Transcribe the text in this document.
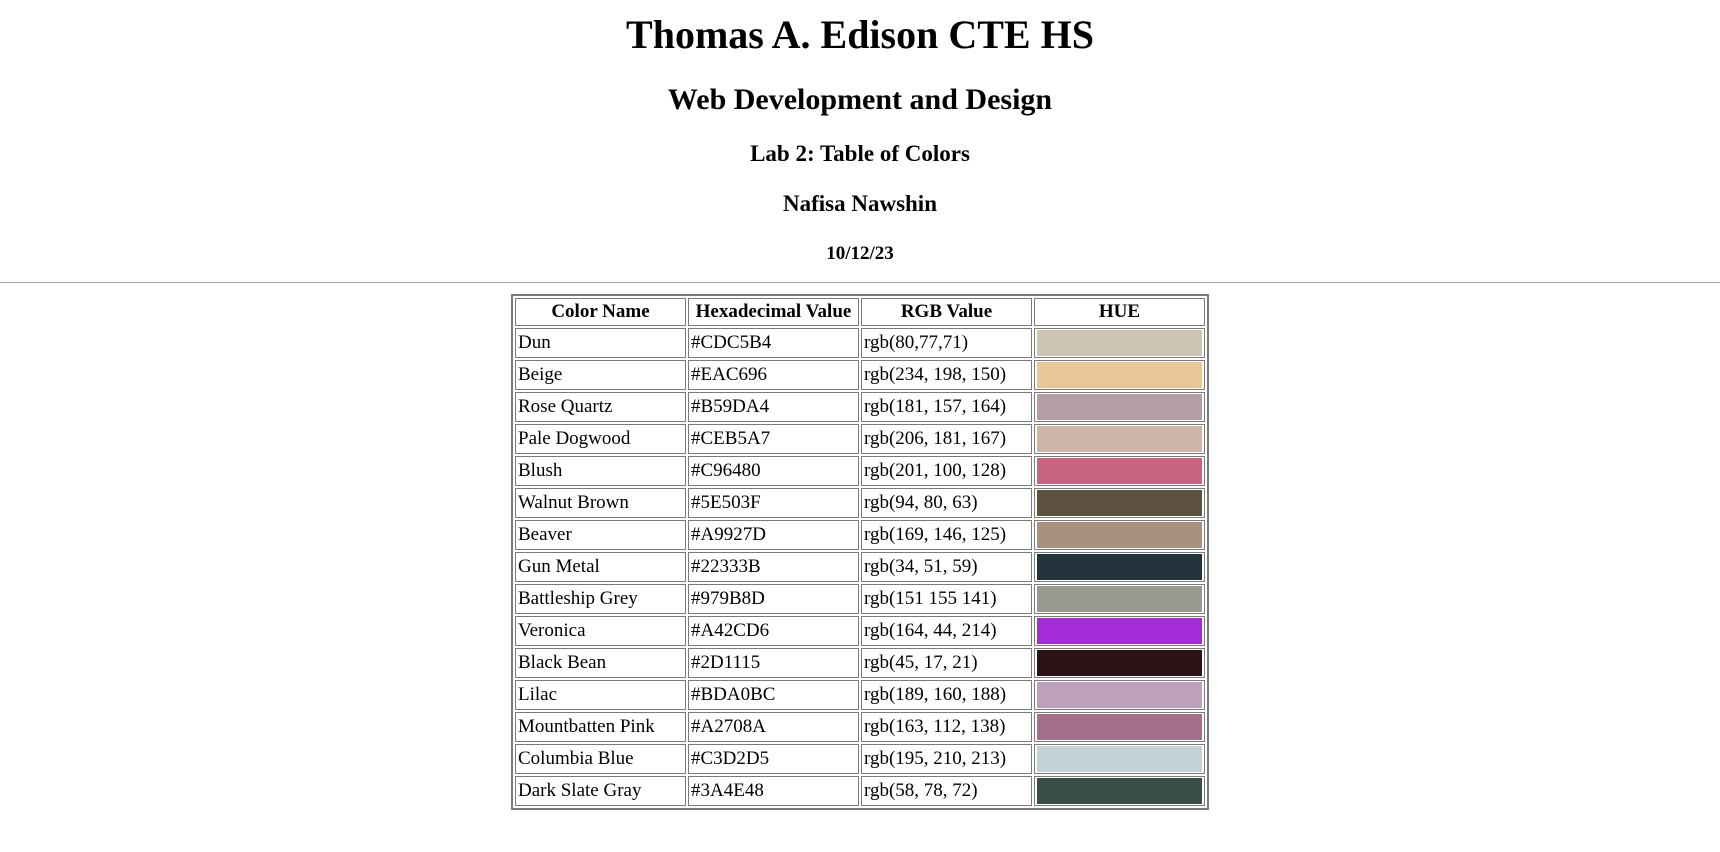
Thomas A. Edison CTE HS
Web Development and Design
Lab 2: Table of Colors
Nafisa Nawshin
10/12/23
Color Name	Hexadecimal Value	RGB Value	HUE
Dun	#CDC5B4	rgb(80,77,71)	

Beige	#EAC696	rgb(234, 198, 150)	

Rose Quartz	#B59DA4	rgb(181, 157, 164)	

Pale Dogwood	#CEB5A7	rgb(206, 181, 167)	

Blush	#C96480	rgb(201, 100, 128)	

Walnut Brown	#5E503F	rgb(94, 80, 63)	

Beaver	#A9927D	rgb(169, 146, 125)	

Gun Metal	#22333B	rgb(34, 51, 59)	

Battleship Grey	#979B8D	rgb(151 155 141)	

Veronica	#A42CD6	rgb(164, 44, 214)	

Black Bean	#2D1115	rgb(45, 17, 21)	

Lilac	#BDA0BC	rgb(189, 160, 188)	

Mountbatten Pink	#A2708A	rgb(163, 112, 138)	

Columbia Blue	#C3D2D5	rgb(195, 210, 213)	

Dark Slate Gray	#3A4E48	rgb(58, 78, 72)	
